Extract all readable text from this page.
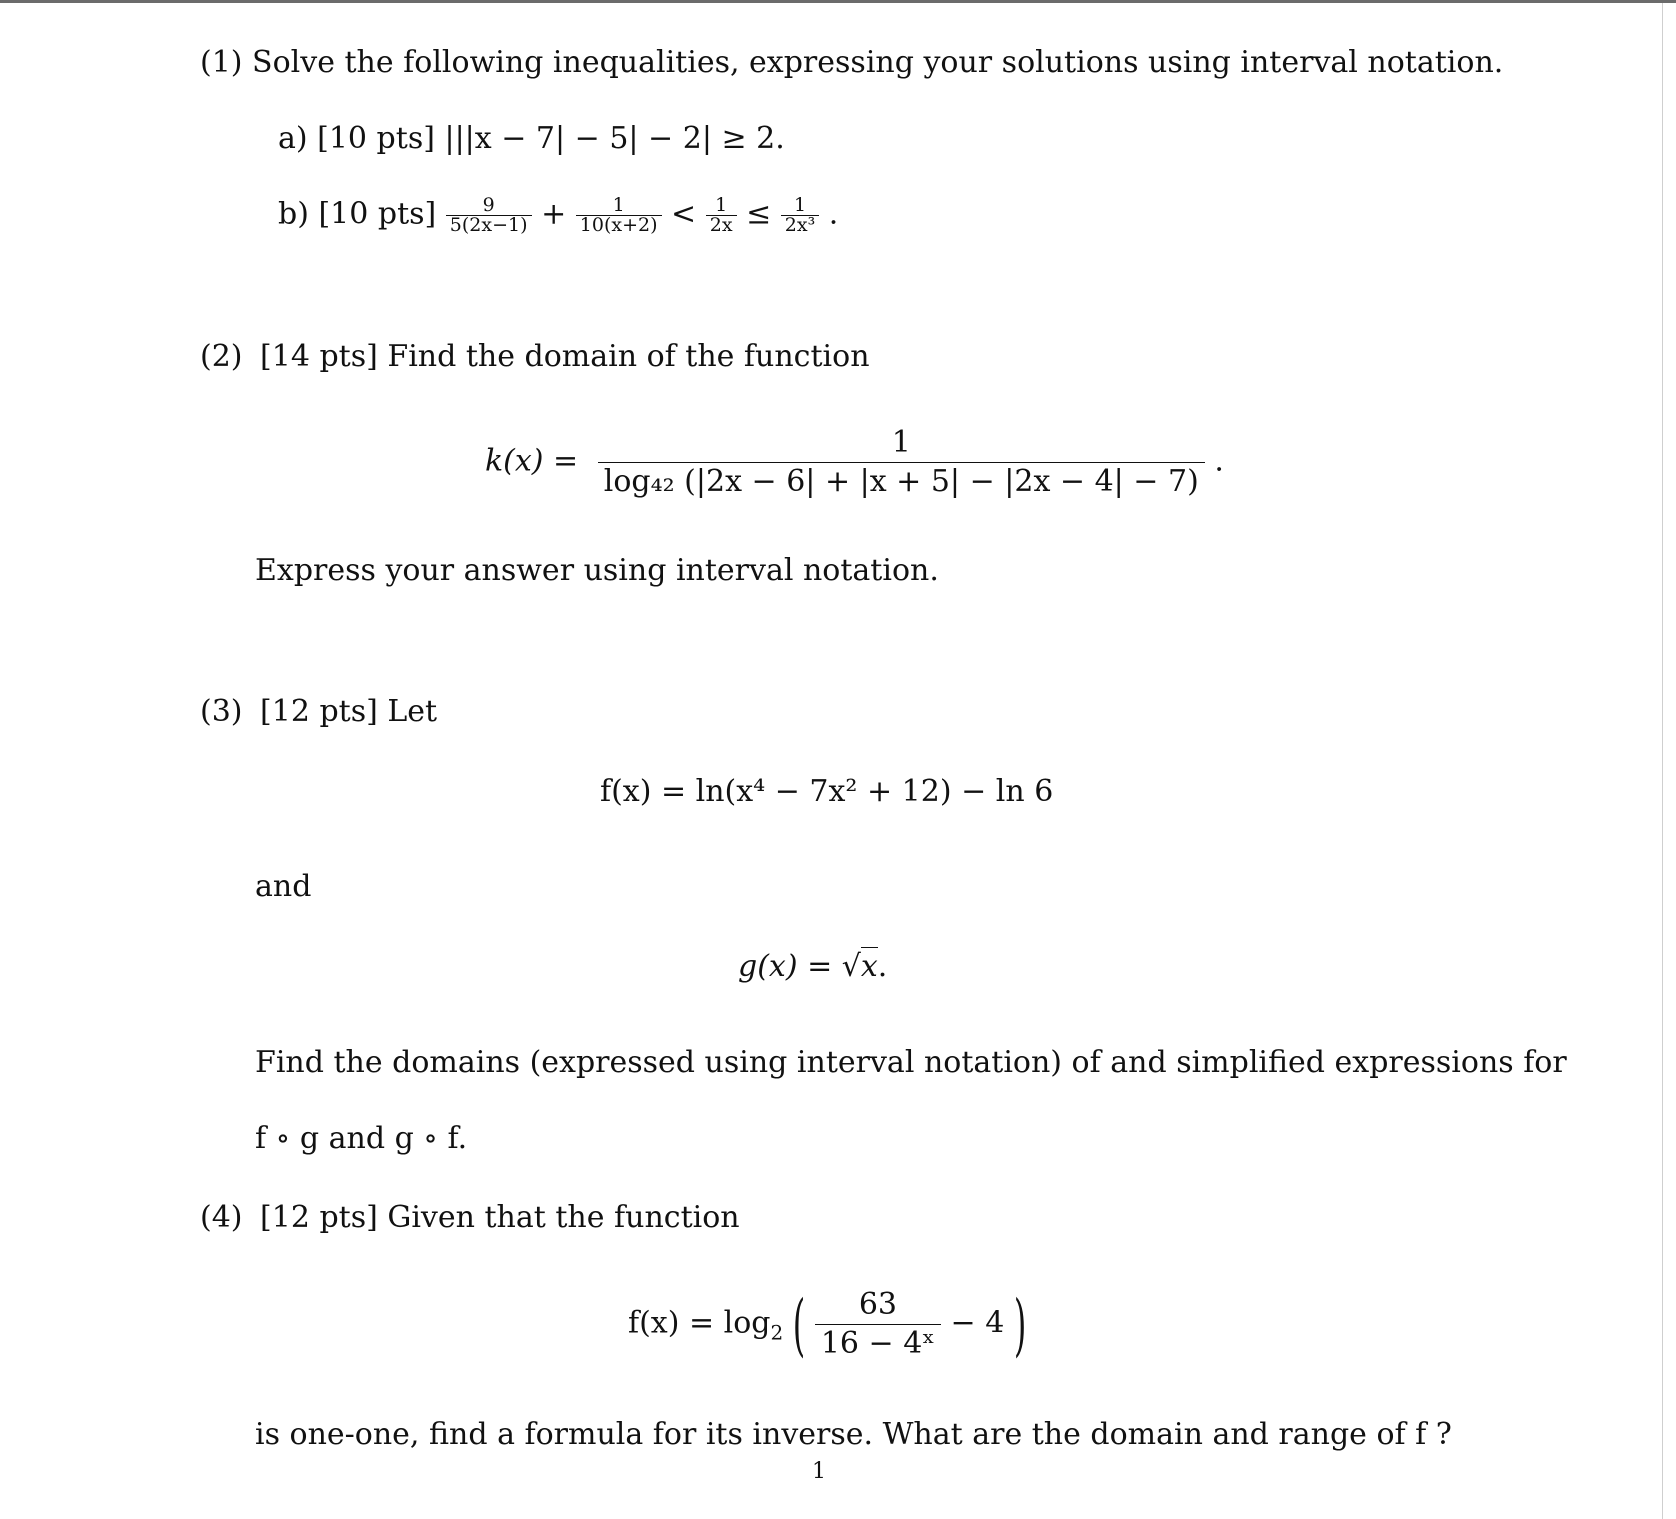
(1) Solve the following inequalities, expressing your solutions using interval notation.
a) [10 pts] |||x − 7| − 5| − 2| ≥ 2.
b) [10 $pts] \frac{9}{5(2x-1)} + \frac{1}{10(x+2)} < \frac{1}{2x} \le \frac{1}{\text{2x³}}$ .
(2) [14 pts] Find the domain of the function
$k(x) = \frac{1}{\text{log₄₂ (|2x − 6| + |x + 5| − |2x − 4| − 7)}}$ .
Express your answer using interval notation.
(3) [12 pts] Let
f(x) = ln(x⁴ − 7x² + 12) − ln 6
and
g(x) = √x.
Find the domains (expressed using interval notation) of and simplified expressions for
f ∘ g and g ∘ f.
(4) [12 pts] Given that the function
$f(x) = \log_2$ ( $\frac{63}{\text{16 − 4ˣ}} - 4$ )
is one-one, find a formula for its inverse. What are the domain and range of f ?
1
